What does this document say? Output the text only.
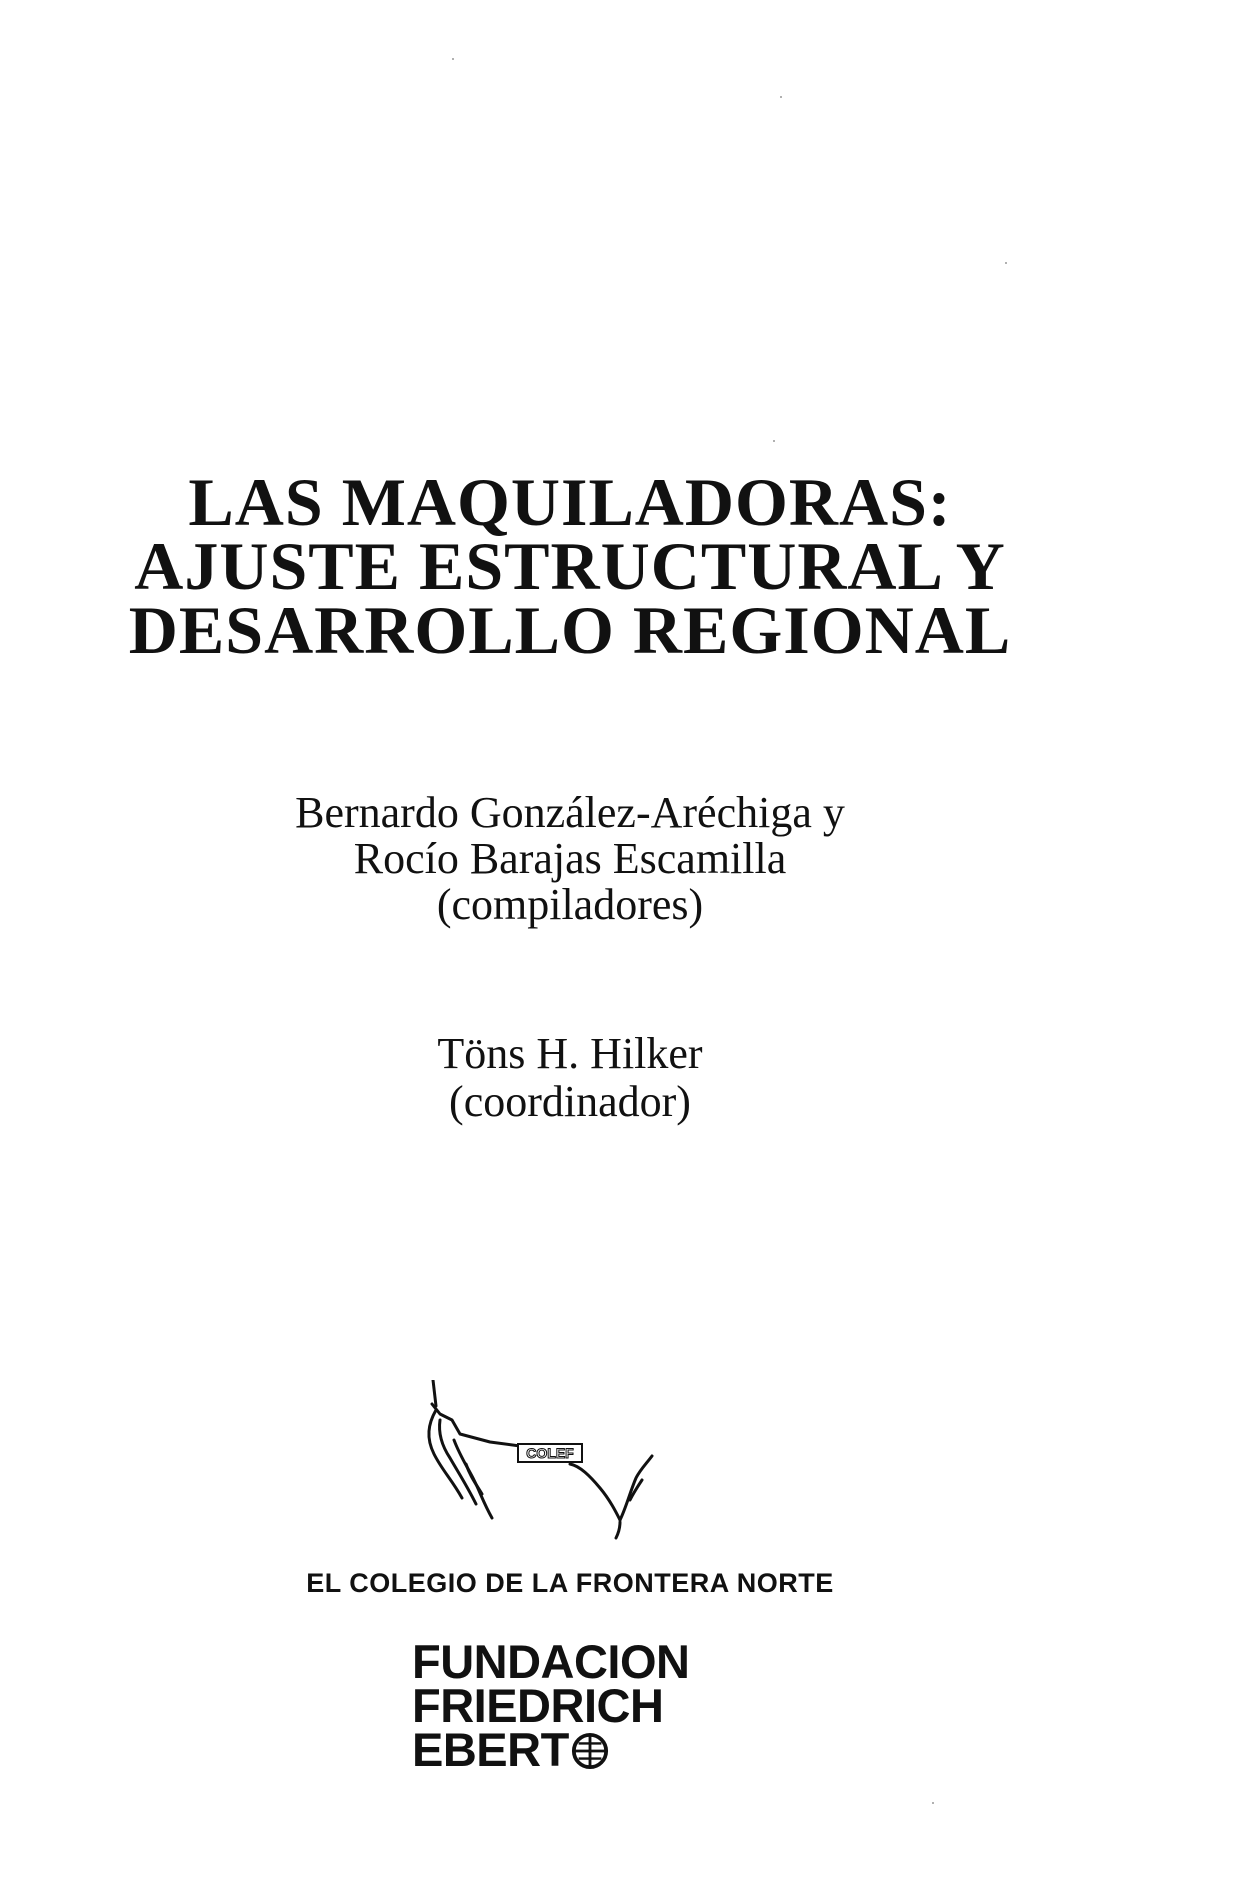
LAS MAQUILADORAS:
AJUSTE ESTRUCTURAL Y
DESARROLLO REGIONAL
Bernardo González-Aréchiga y
Rocío Barajas Escamilla
(compiladores)
Töns H. Hilker
(coordinador)
COLEF
EL COLEGIO DE LA FRONTERA NORTE
FUNDACION
FRIEDRICH
EBERT
